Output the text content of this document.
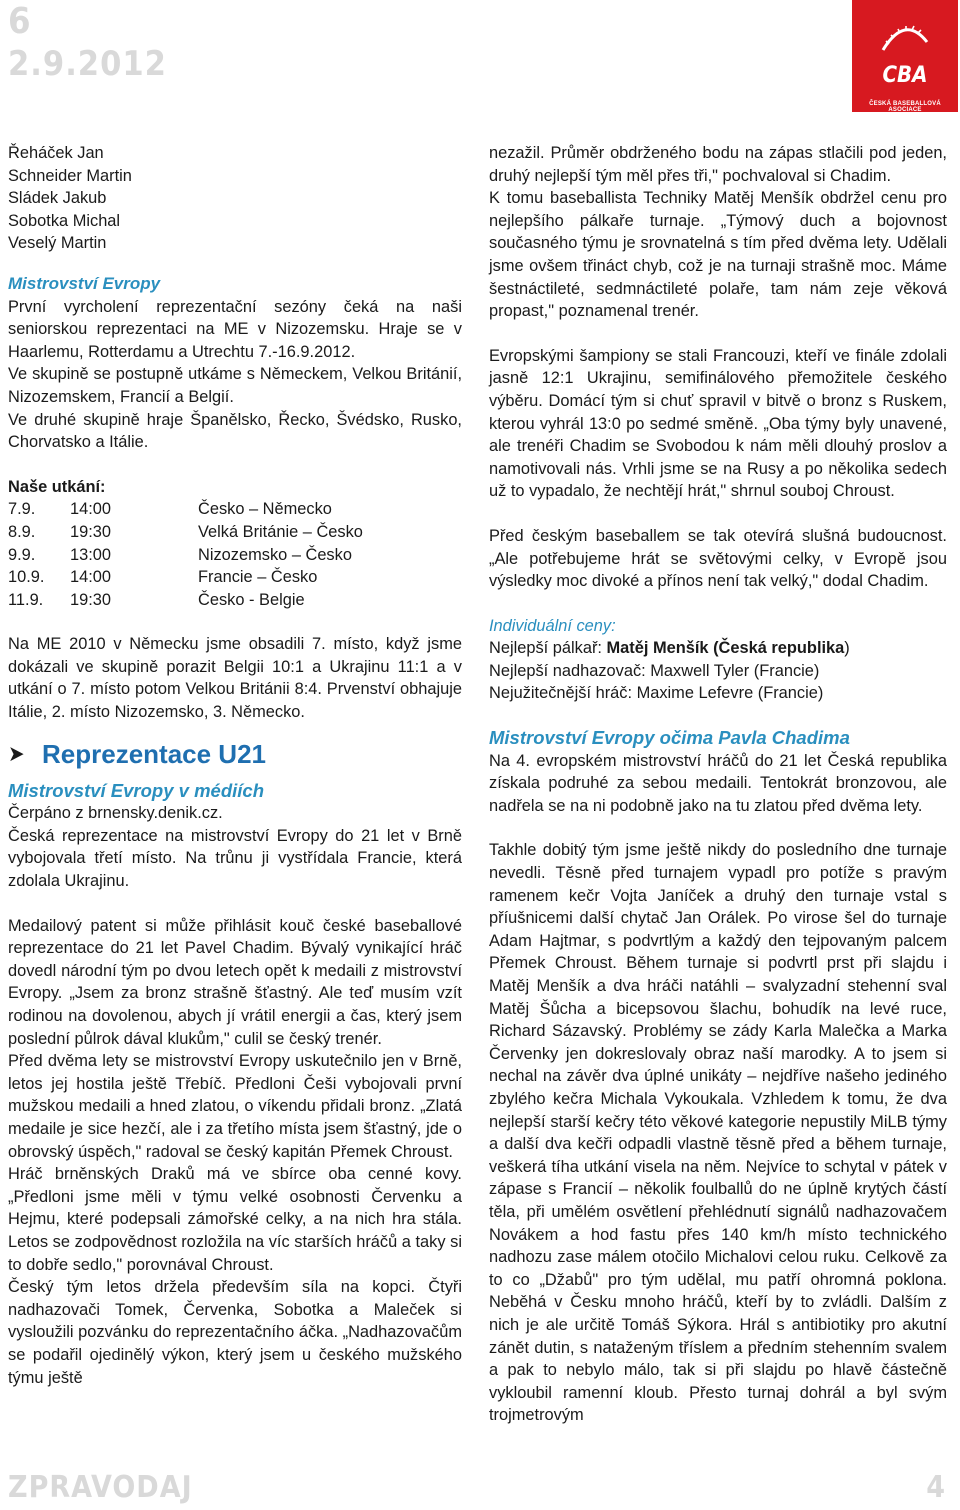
6
2.9.2012	CBA
ČESKÁ BASEBALLOVÁ ASOCIACE
Řeháček Jan
Schneider Martin
Sládek Jakub
Sobotka Michal
Veselý Martin
Mistrovství Evropy

První vyrcholení reprezentační sezóny čeká na naši seniorskou reprezentaci na ME v Nizozemsku. Hraje se v Haarlemu, Rotterdamu a Utrechtu 7.-16.9.2012.

Ve skupině se postupně utkáme s Německem, Velkou Británií, Nizozemskem, Francií a Belgií.

Ve druhé skupině hraje Španělsko, Řecko, Švédsko, Rusko, Chorvatsko a Itálie.

Naše utkání:
7.9.	14:00	Česko – Německo
8.9.	19:30	Velká Británie – Česko
9.9.	13:00	Nizozemsko – Česko
10.9.	14:00	Francie – Česko
11.9.	19:30	Česko - Belgie

Na ME 2010 v Německu jsme obsadili 7. místo, když jsme dokázali ve skupině porazit Belgii 10:1 a Ukrajinu 11:1 a v utkání o 7. místo potom Velkou Británii 8:4. Prvenství obhajuje Itálie, 2. místo Nizozemsko, 3. Německo.

➤ Reprezentace U21
Mistrovství Evropy v médiích

Čerpáno z brnensky.denik.cz.

Česká reprezentace na mistrovství Evropy do 21 let v Brně vybojovala třetí místo. Na trůnu ji vystřídala Francie, která zdolala Ukrajinu.

Medailový patent si může přihlásit kouč české baseballové reprezentace do 21 let Pavel Chadim. Bývalý vynikající hráč dovedl národní tým po dvou letech opět k medaili z mistrovství Evropy. „Jsem za bronz strašně šťastný. Ale teď musím vzít rodinou na dovolenou, abych jí vrátil energii a čas, který jsem poslední půlrok dával klukům," culil se český trenér.

Před dvěma lety se mistrovství Evropy uskutečnilo jen v Brně, letos jej hostila ještě Třebíč. Předloni Češi vybojovali první mužskou medaili a hned zlatou, o víkendu přidali bronz. „Zlatá medaile je sice hezčí, ale i za třetího místa jsem šťastný, jde o obrovský úspěch," radoval se český kapitán Přemek Chroust.

Hráč brněnských Draků má ve sbírce oba cenné kovy. „Předloni jsme měli v týmu velké osobnosti Červenku a Hejmu, které podepsali zámořské celky, a na nich hra stála. Letos se zodpovědnost rozložila na víc starších hráčů a taky si to dobře sedlo," porovnával Chroust.

Český tým letos držela především síla na kopci. Čtyři nadhazovači Tomek, Červenka, Sobotka a Maleček si vysloužili pozvánku do reprezentačního áčka. „Nadhazovačům se podařil ojedinělý výkon, který jsem u českého mužského týmu ještě

nezažil. Průměr obdrženého bodu na zápas stlačili pod jeden, druhý nejlepší tým měl přes tři," pochvaloval si Chadim.

K tomu baseballista Techniky Matěj Menšík obdržel cenu pro nejlepšího pálkaře turnaje. „Týmový duch a bojovnost současného týmu je srovnatelná s tím před dvěma lety. Udělali jsme ovšem třináct chyb, což je na turnaji strašně moc. Máme šestnáctileté, sedmnáctileté polaře, tam nám zeje věková propast," poznamenal trenér.

Evropskými šampiony se stali Francouzi, kteří ve finále zdolali jasně 12:1 Ukrajinu, semifinálového přemožitele českého výběru. Domácí tým si chuť spravil v bitvě o bronz s Ruskem, kterou vyhrál 13:0 po sedmé směně. „Oba týmy byly unavené, ale trenéři Chadim se Svobodou k nám měli dlouhý proslov a namotivovali nás. Vrhli jsme se na Rusy a po několika sedech už to vypadalo, že nechtějí hrát," shrnul souboj Chroust.

Před českým baseballem se tak otevírá slušná budoucnost. „Ale potřebujeme hrát se světovými celky, v Evropě jsou výsledky moc divoké a přínos není tak velký," dodal Chadim.

Individuální ceny:
Nejlepší pálkař: Matěj Menšík (Česká republika)
Nejlepší nadhazovač: Maxwell Tyler (Francie)
Nejužitečnější hráč: Maxime Lefevre (Francie)
Mistrovství Evropy očima Pavla Chadima

Na 4. evropském mistrovství hráčů do 21 let Česká republika získala podruhé za sebou medaili. Tentokrát bronzovou, ale nadřela se na ni podobně jako na tu zlatou před dvěma lety.

Takhle dobitý tým jsme ještě nikdy do posledního dne turnaje nevedli. Těsně před turnajem vypadl pro potíže s pravým ramenem kečr Vojta Janíček a druhý den turnaje vstal s příušnicemi další chytač Jan Orálek. Po virose šel do turnaje Adam Hajtmar, s podvrtlým a každý den tejpovaným palcem Přemek Chroust. Během turnaje si podvrtl prst při slajdu i Matěj Menšík a dva hráči natáhli – svalyzadní stehenní sval Matěj Šůcha a bicepsovou šlachu, bohudík na levé ruce, Richard Sázavský. Problémy se zády Karla Malečka a Marka Červenky jen dokreslovaly obraz naší marodky. A to jsem si nechal na závěr dva úplné unikáty – nejdříve našeho jediného zbylého kečra Michala Vykoukala. Vzhledem k tomu, že dva nejlepší starší kečry této věkové kategorie nepustily MiLB týmy a další dva kečři odpadli vlastně těsně před a během turnaje, veškerá tíha utkání visela na něm. Nejvíce to schytal v pátek v zápase s Francií – několik foulballů do ne úplně krytých částí těla, při umělém osvětlení přehlédnutí signálů nadhazovačem Novákem a hod fastu přes 140 km/h místo technického nadhozu zase málem otočilo Michalovi celou ruku. Celkově za to co „Džabů" pro tým udělal, mu patří ohromná poklona. Neběhá v Česku mnoho hráčů, kteří by to zvládli. Dalším z nich je ale určitě Tomáš Sýkora. Hrál s antibiotiky pro akutní zánět dutin, s nataženým tříslem a předním stehenním svalem a pak to nebylo málo, tak si při slajdu po hlavě částečně vykloubil ramenní kloub. Přesto turnaj dohrál a byl svým trojmetrovým

ZPRAVODAJ	4
